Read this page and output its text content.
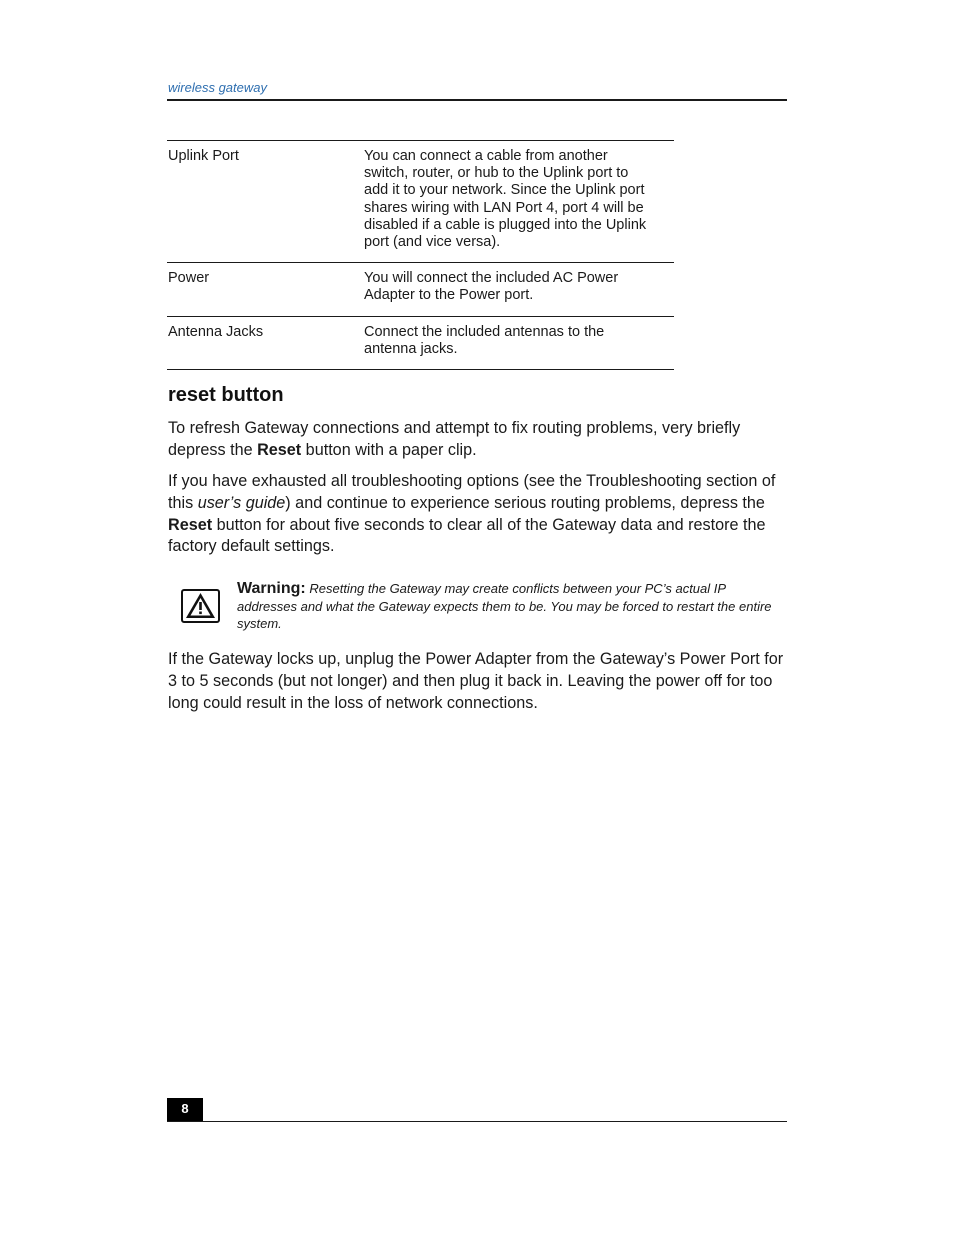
wireless gateway
Uplink Port	You can connect a cable from another switch, router, or hub to the Uplink port to add it to your network. Since the Uplink port shares wiring with LAN Port 4, port 4 will be disabled if a cable is plugged into the Uplink port (and vice versa).
Power	You will connect the included AC Power Adapter to the Power port.
Antenna Jacks	Connect the included antennas to the antenna jacks.
reset button

To refresh Gateway connections and attempt to fix routing problems, very briefly depress the Reset button with a paper clip.

If you have exhausted all troubleshooting options (see the Troubleshooting section of this user’s guide) and continue to experience serious routing problems, depress the Reset button for about five seconds to clear all of the Gateway data and restore the factory default settings.

Warning: Resetting the Gateway may create conflicts between your PC’s actual IP addresses and what the Gateway expects them to be. You may be forced to restart the entire system.

If the Gateway locks up, unplug the Power Adapter from the Gateway’s Power Port for 3 to 5 seconds (but not longer) and then plug it back in. Leaving the power off for too long could result in the loss of network connections.

8
